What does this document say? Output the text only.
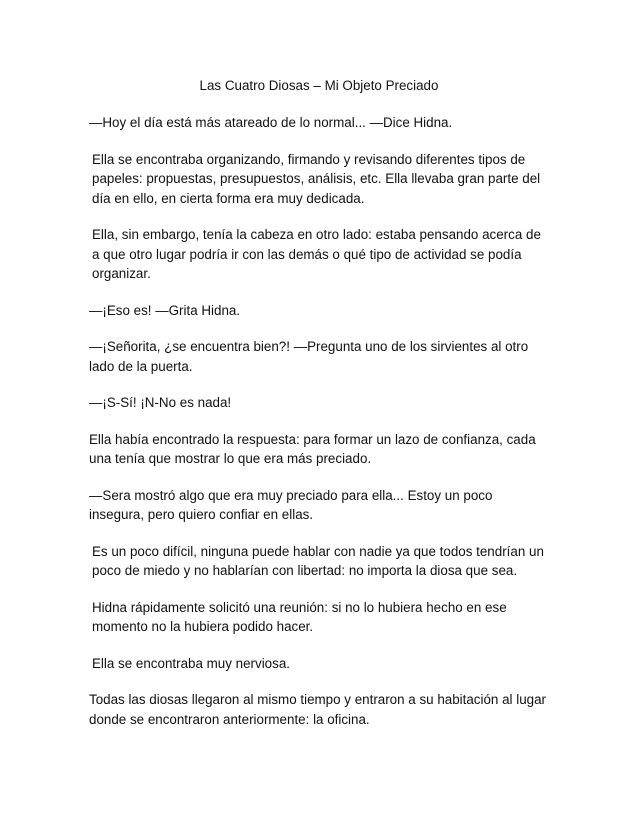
Las Cuatro Diosas – Mi Objeto Preciado

—Hoy el día está más atareado de lo normal... —Dice Hidna.

Ella se encontraba organizando, firmando y revisando diferentes tipos de papeles: propuestas, presupuestos, análisis, etc. Ella llevaba gran parte del día en ello, en cierta forma era muy dedicada.

Ella, sin embargo, tenía la cabeza en otro lado: estaba pensando acerca de a que otro lugar podría ir con las demás o qué tipo de actividad se podía organizar.

—¡Eso es! —Grita Hidna.

—¡Señorita, ¿se encuentra bien?! —Pregunta uno de los sirvientes al otro lado de la puerta.

—¡S-Sí! ¡N-No es nada!

Ella había encontrado la respuesta: para formar un lazo de confianza, cada una tenía que mostrar lo que era más preciado.

—Sera mostró algo que era muy preciado para ella... Estoy un poco insegura, pero quiero confiar en ellas.

Es un poco difícil, ninguna puede hablar con nadie ya que todos tendrían un poco de miedo y no hablarían con libertad: no importa la diosa que sea.

Hidna rápidamente solicitó una reunión: si no lo hubiera hecho en ese momento no la hubiera podido hacer.

Ella se encontraba muy nerviosa.

Todas las diosas llegaron al mismo tiempo y entraron a su habitación al lugar donde se encontraron anteriormente: la oficina.
